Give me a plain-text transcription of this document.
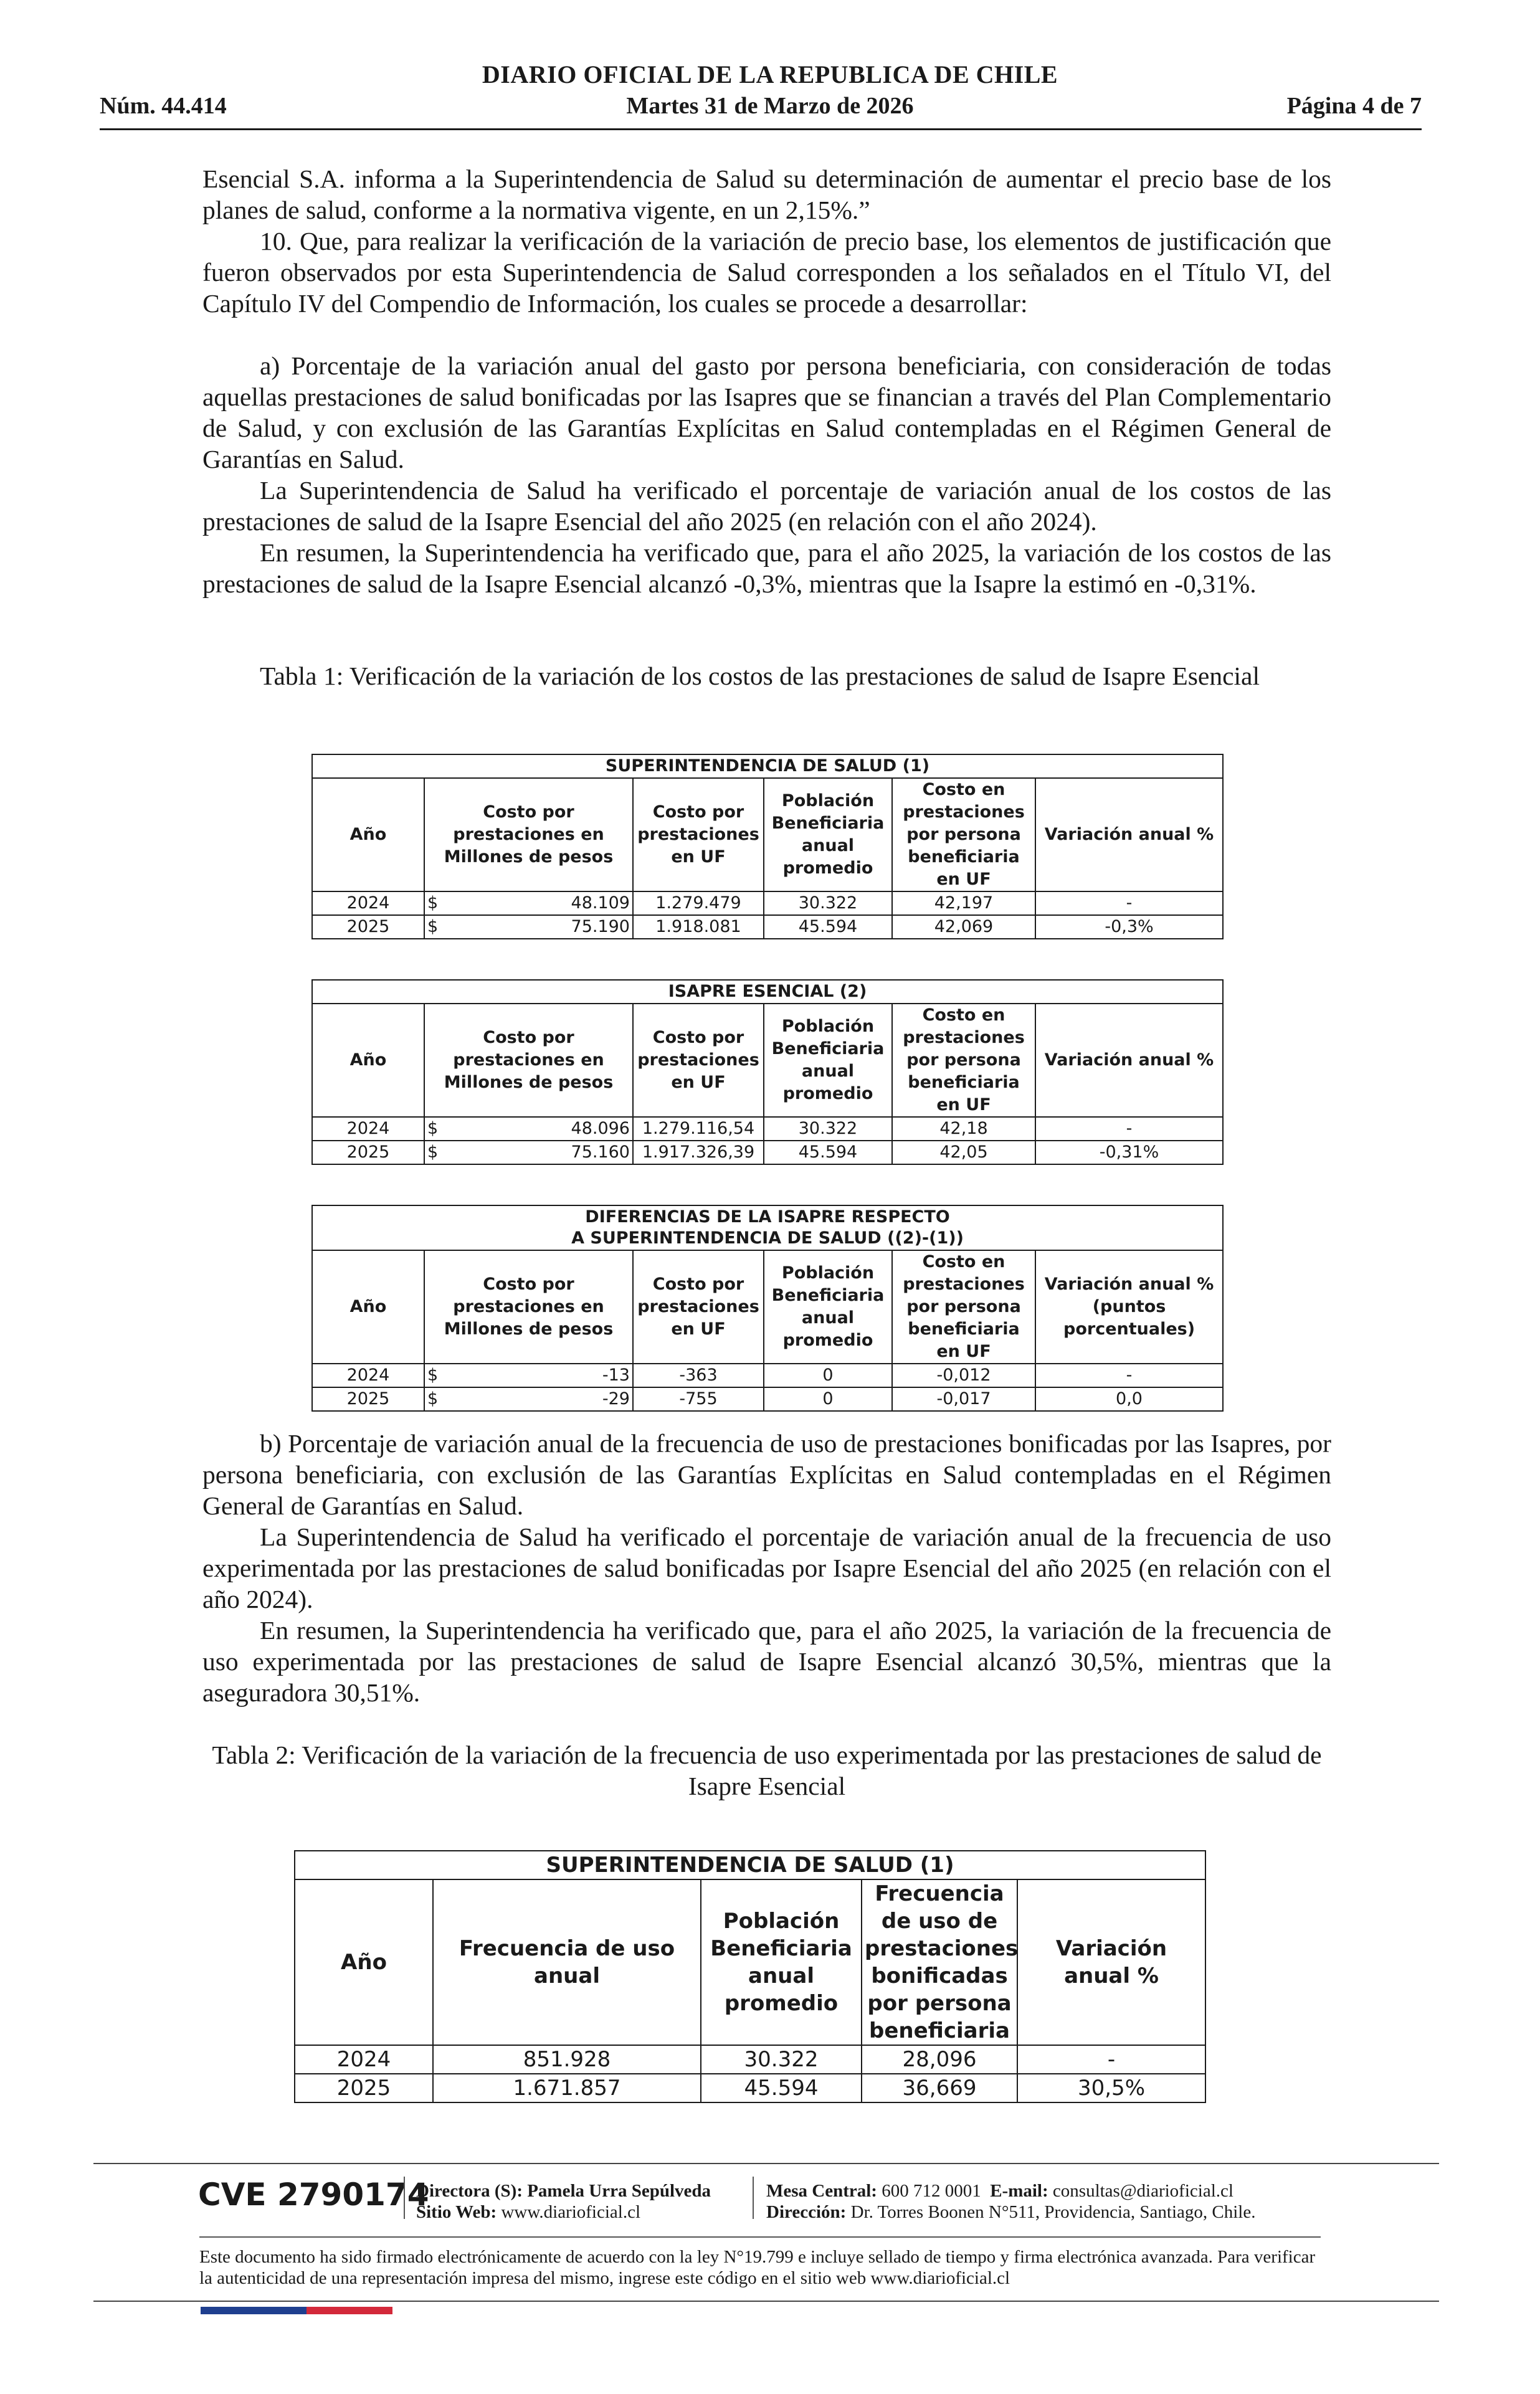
Núm. 44.414
DIARIO OFICIAL DE LA REPUBLICA DE CHILE
Martes 31 de Marzo de 2026	Página 4 de 7
Esencial S.A. informa a la Superintendencia de Salud su determinación de aumentar el precio base de los planes de salud, conforme a la normativa vigente, en un 2,15%.”
10. Que, para realizar la verificación de la variación de precio base, los elementos de justificación que fueron observados por esta Superintendencia de Salud corresponden a los señalados en el Título VI, del Capítulo IV del Compendio de Información, los cuales se procede a desarrollar:
a) Porcentaje de la variación anual del gasto por persona beneficiaria, con consideración de todas aquellas prestaciones de salud bonificadas por las Isapres que se financian a través del Plan Complementario de Salud, y con exclusión de las Garantías Explícitas en Salud contempladas en el Régimen General de Garantías en Salud.
La Superintendencia de Salud ha verificado el porcentaje de variación anual de los costos de las prestaciones de salud de la Isapre Esencial del año 2025 (en relación con el año 2024).
En resumen, la Superintendencia ha verificado que, para el año 2025, la variación de los costos de las prestaciones de salud de la Isapre Esencial alcanzó -0,3%, mientras que la Isapre la estimó en -0,31%.
Tabla 1: Verificación de la variación de los costos de las prestaciones de salud de Isapre Esencial
SUPERINTENDENCIA DE SALUD (1)						
Año	Costo por prestaciones en Millones de pesos		Costo por prestaciones en UF	Población Beneficiaria anual promedio	Costo en prestaciones por persona beneficiaria en UF	Variación anual %
2024	$	48.109	1.279.479	30.322	42,197	-
2025	$	75.190	1.918.081	45.594	42,069	-0,3%
ISAPRE ESENCIAL (2)						
Año	Costo por prestaciones en Millones de pesos		Costo por prestaciones en UF	Población Beneficiaria anual promedio	Costo en prestaciones por persona beneficiaria en UF	Variación anual %
2024	$	48.096	1.279.116,54	30.322	42,18	-
2025	$	75.160	1.917.326,39	45.594	42,05	-0,31%
DIFERENCIAS DE LA ISAPRE RESPECTO
A SUPERINTENDENCIA DE SALUD ((2)-(1))						
Año	Costo por prestaciones en Millones de pesos		Costo por prestaciones en UF	Población Beneficiaria anual promedio	Costo en prestaciones por persona beneficiaria en UF	Variación anual % (puntos porcentuales)
2024	$	-13	-363	0	-0,012	-
2025	$	-29	-755	0	-0,017	0,0
b) Porcentaje de variación anual de la frecuencia de uso de prestaciones bonificadas por las Isapres, por persona beneficiaria, con exclusión de las Garantías Explícitas en Salud contempladas en el Régimen General de Garantías en Salud.
La Superintendencia de Salud ha verificado el porcentaje de variación anual de la frecuencia de uso experimentada por las prestaciones de salud bonificadas por Isapre Esencial del año 2025 (en relación con el año 2024).
En resumen, la Superintendencia ha verificado que, para el año 2025, la variación de la frecuencia de uso experimentada por las prestaciones de salud de Isapre Esencial alcanzó 30,5%, mientras que la aseguradora 30,51%.
Tabla 2: Verificación de la variación de la frecuencia de uso experimentada por las prestaciones de salud de Isapre Esencial
SUPERINTENDENCIA DE SALUD (1)				
Año	Frecuencia de uso anual	Población Beneficiaria anual promedio	Frecuencia de uso de prestaciones bonificadas por persona beneficiaria	Variación anual %
2024	851.928	30.322	28,096	-
2025	1.671.857	45.594	36,669	30,5%
CVE 2790174
Directora (S): Pamela Urra Sepúlveda
Sitio Web: www.diarioficial.cl
Mesa Central: 600 712 0001 E-mail: consultas@diarioficial.cl
Dirección: Dr. Torres Boonen N°511, Providencia, Santiago, Chile.
Este documento ha sido firmado electrónicamente de acuerdo con la ley N°19.799 e incluye sellado de tiempo y firma electrónica avanzada. Para verificar la autenticidad de una representación impresa del mismo, ingrese este código en el sitio web www.diarioficial.cl
